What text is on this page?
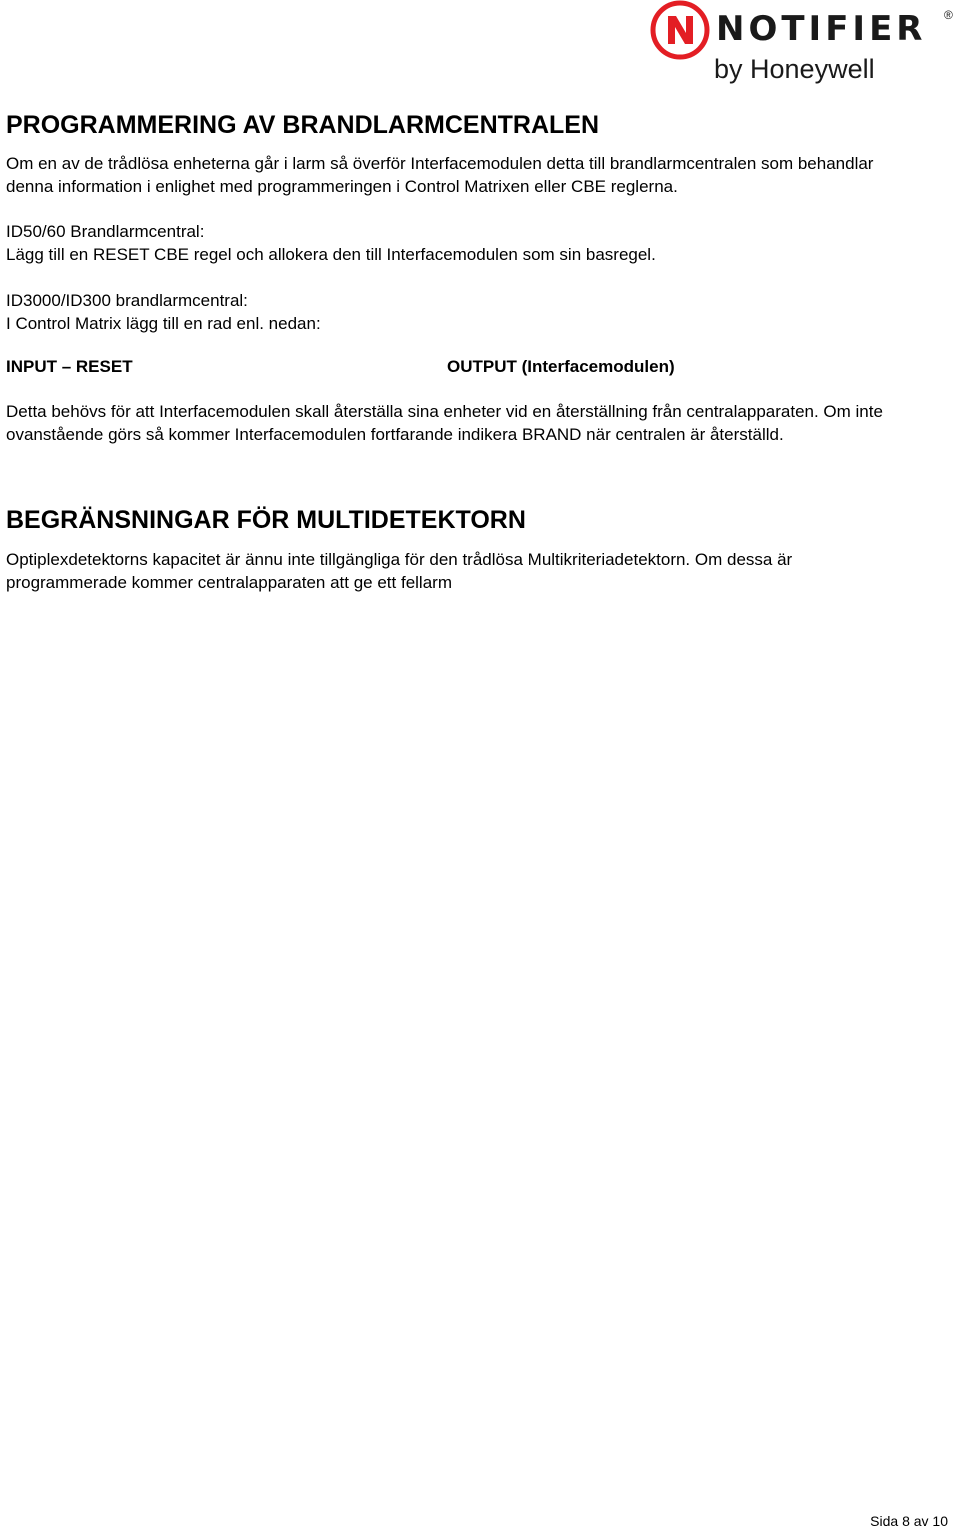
NOTIFIER ®
by Honeywell
PROGRAMMERING AV BRANDLARMCENTRALEN

Om en av de trådlösa enheterna går i larm så överför Interfacemodulen detta till brandlarmcentralen som behandlar denna information i enlighet med programmeringen i Control Matrixen eller CBE reglerna.

ID50/60 Brandlarmcentral:

Lägg till en RESET CBE regel och allokera den till Interfacemodulen som sin basregel.

ID3000/ID300 brandlarmcentral:

I Control Matrix lägg till en rad enl. nedan:

INPUT – RESET	OUTPUT (Interfacemodulen)

Detta behövs för att Interfacemodulen skall återställa sina enheter vid en återställning från centralapparaten. Om inte ovanstående görs så kommer Interfacemodulen fortfarande indikera BRAND när centralen är återställd.

BEGRÄNSNINGAR FÖR MULTIDETEKTORN

Optiplexdetektorns kapacitet är ännu inte tillgängliga för den trådlösa Multikriteriadetektorn. Om dessa är programmerade kommer centralapparaten att ge ett fellarm

Sida 8 av 10
